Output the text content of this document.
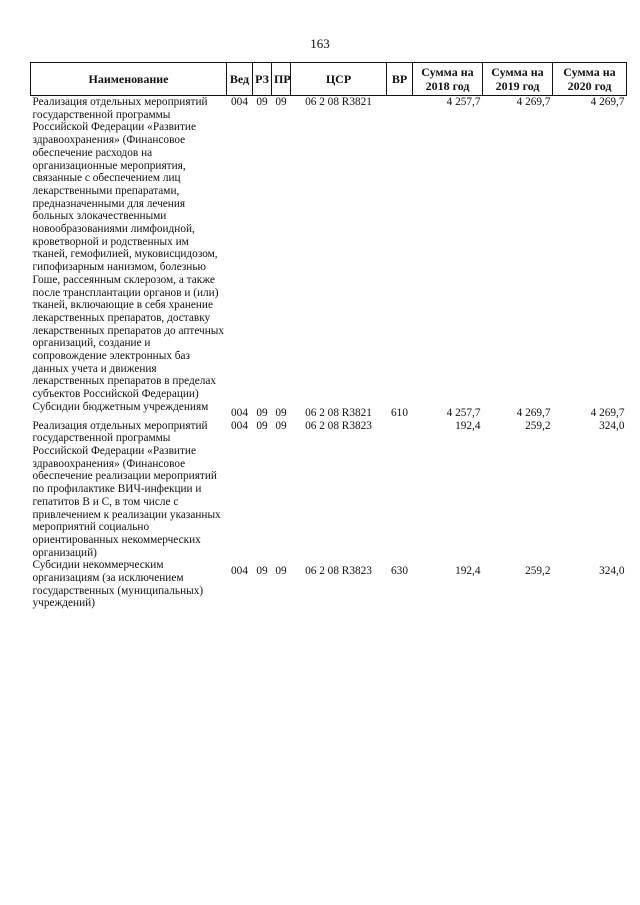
163
Наименование	Вед	РЗ	ПР	ЦСР	ВР	Сумма на 2018 год	Сумма на 2019 год	Сумма на 2020 год
Реализация отдельных мероприятий государственной программы Российской Федерации «Развитие здравоохранения» (Финансовое обеспечение расходов на организационные мероприятия, связанные с обеспечением лиц лекарственными препаратами, предназначенными для лечения больных злокачественными новообразованиями лимфоидной, кроветворной и родственных им тканей, гемофилией, муковисцидозом, гипофизарным нанизмом, болезнью Гоше, рассеянным склерозом, а также после трансплантации органов и (или) тканей, включающие в себя хранение лекарственных препаратов, доставку лекарственных препаратов до аптечных организаций, создание и сопровождение электронных баз данных учета и движения лекарственных препаратов в пределах субъектов Российской Федерации)	004	09	09	06 2 08 R3821		4 257,7	4 269,7	4 269,7
Субсидии бюджетным учреждениям	004	09	09	06 2 08 R3821	610	4 257,7	4 269,7	4 269,7
Реализация отдельных мероприятий государственной программы Российской Федерации «Развитие здравоохранения» (Финансовое обеспечение реализации мероприятий по профилактике ВИЧ-инфекции и гепатитов В и С, в том числе с привлечением к реализации указанных мероприятий социально ориентированных некоммерческих организаций)	004	09	09	06 2 08 R3823		192,4	259,2	324,0
Субсидии некоммерческим организациям (за исключением государственных (муниципальных) учреждений)	004	09	09	06 2 08 R3823	630	192,4	259,2	324,0
